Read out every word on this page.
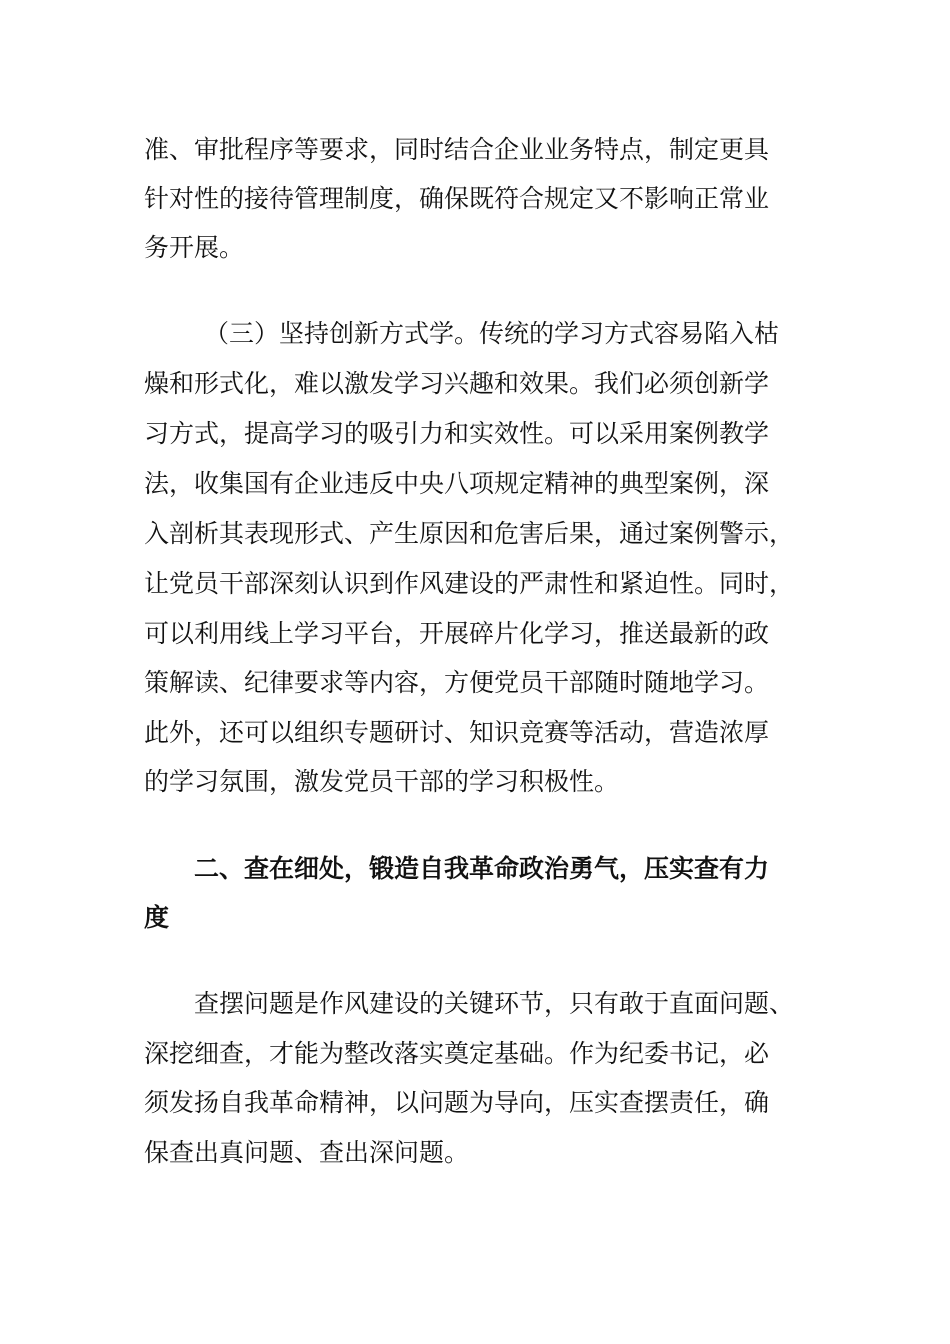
准、审批程序等要求，同时结合企业业务特点，制定更具
针对性的接待管理制度，确保既符合规定又不影响正常业
务开展。
（三）坚持创新方式学。传统的学习方式容易陷入枯
燥和形式化，难以激发学习兴趣和效果。我们必须创新学
习方式，提高学习的吸引力和实效性。可以采用案例教学
法，收集国有企业违反中央八项规定精神的典型案例，深
入剖析其表现形式、产生原因和危害后果，通过案例警示，
让党员干部深刻认识到作风建设的严肃性和紧迫性。同时，
可以利用线上学习平台，开展碎片化学习，推送最新的政
策解读、纪律要求等内容，方便党员干部随时随地学习。
此外，还可以组织专题研讨、知识竞赛等活动，营造浓厚
的学习氛围，激发党员干部的学习积极性。
二、查在细处，锻造自我革命政治勇气，压实查有力
度
查摆问题是作风建设的关键环节，只有敢于直面问题、
深挖细查，才能为整改落实奠定基础。作为纪委书记，必
须发扬自我革命精神，以问题为导向，压实查摆责任，确
保查出真问题、查出深问题。
